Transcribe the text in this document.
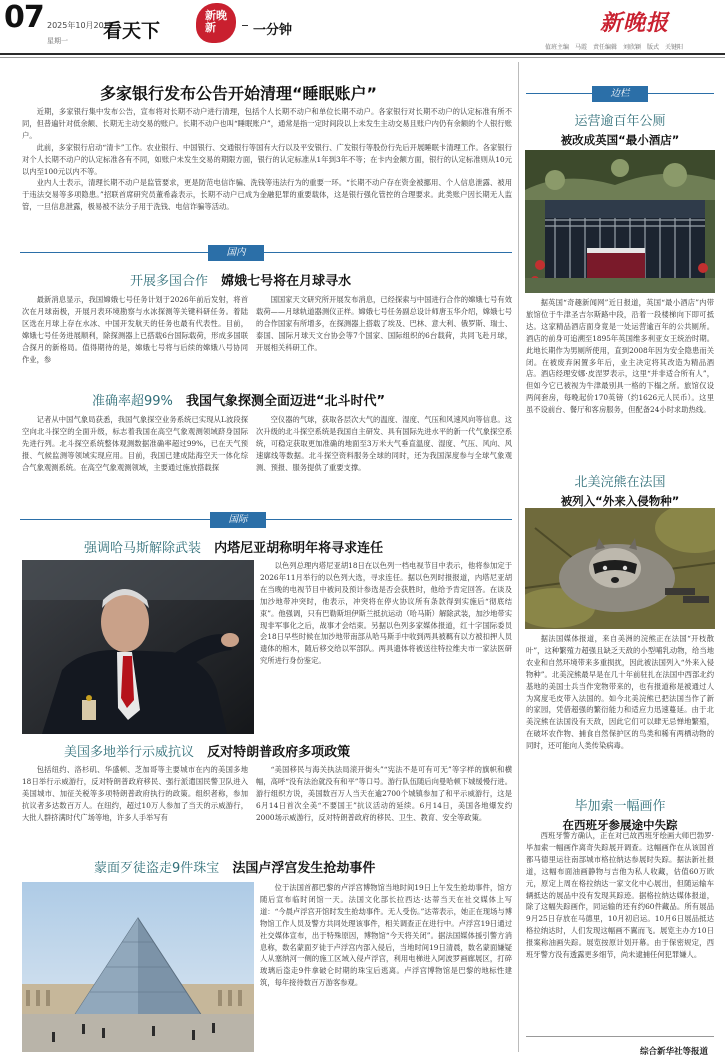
07 2025年10月20日
星期一 看天下
新晚新	一分钟	新晚报
值班主编　马霞　责任编辑　刘欣颖　版式　关键阳
多家银行发布公告开始清理“睡眠账户”

近期，多家银行集中发布公告，宣布将对长期不动户进行清理，包括个人长期不动户和单位长期不动户。各家银行对长期不动户的认定标准有所不同，但普遍针对低余额、长期无主动交易的账户。长期不动户也叫“睡眠账户”，通常是指一定时间段以上未发生主动交易且账户内仍有余额的个人银行账户。

此前，多家银行启动“清卡”工作。农业银行、中国银行、交通银行等国有大行以及平安银行、广发银行等股份行先后开展睡眠卡清理工作。各家银行对个人长期不动户的认定标准各有不同，如账户未发生交易的期限方面，银行的认定标准从1年到3年不等；在卡内金额方面，银行的认定标准则从10元以内至100元以内不等。

业内人士表示，清理长期不动户是监管要求，更是防范电信诈骗、洗钱等违法行为的重要一环。“长期不动户存在资金被挪用、个人信息泄露、被用于违法交易等多项隐患。”招联首席研究员董希淼表示，长期不动户已成为金融犯罪的重要载体，这是银行强化管控的合理要求。此类账户因长期无人监管，一旦信息泄露，极易被不法分子用于洗钱、电信诈骗等活动。

国内
开展多国合作 嫦娥七号将在月球寻水
最新消息显示，我国嫦娥七号任务计划于2026年前后发射，将首次在月球南极，开展月表环境勘察与水冰探测等关键科研任务。着陆区选在月球上存在水冰、中国开发航天的任务也最有代表性。目前，嫦娥七号任务进展顺利，除探测器上已搭载6台国际载荷，形成多国联合探月的新格局。值得期待的是，嫦娥七号将与后续的嫦娥八号协同作业，参
国国家天文研究所开展发布消息，已经探索与中国进行合作的嫦娥七号有效载荷——月球轨道器测仪正样。嫦娥七号任务副总设计师唐玉华介绍，嫦娥七号的合作国家有所增多，在探测器上搭载了埃及、巴林、意大利、俄罗斯、瑞士、泰国、国际月球天文台协会等7个国家、国际组织的6台载荷，共同飞赴月球，开展相关科研工作。
准确率超99% 我国气象探测全面迈进“北斗时代”
记者从中国气象局获悉，我国气象探空业务系统已实现从L波段探空向北斗探空的全面升级，标志着我国在高空气象观测领域跻身国际先进行列。北斗探空系统整体观测数据准确率超过99%，已在天气预报、气候监测等领域实现应用。目前，我国已建成陆海空天一体化综合气象观测系统。在高空气象观测领域，主要通过施放搭载探
空仪器的气球，获取各层次大气的温度、湿度、气压和风速风向等信息。这次升级的北斗探空系统是我国自主研发、具有国际先进水平的新一代气象探空系统，可稳定获取更加准确的地面至3万米大气垂直温度、湿度、气压、风向、风速廓线等数据。北斗探空资料服务全球的同时，还为我国深度参与全球气象观测、预报、服务提供了重要支撑。
国际
强调哈马斯解除武装 内塔尼亚胡称明年将寻求连任
以色列总理内塔尼亚胡18日在以色列一档电视节目中表示，他将参加定于2026年11月举行的以色列大选，寻求连任。据以色列时报报道，内塔尼亚胡在当晚的电视节目中被问及预计参选是否会获胜时，他给予肯定回答。在谈及加沙地带冲突时，他表示，冲突将在停火协议所有条款得到实施后“彻底结束”。他强调，只有巴勒斯坦伊斯兰抵抗运动（哈马斯）解除武装，加沙地带实现非军事化之后，战事才会结束。另据以色列多家媒体报道，红十字国际委员会18日早些时候在加沙地带南部从哈马斯手中收到两具被羁有以方被扣押人员遗体的棺木，随后移交给以军部队。两具遗体将被送往特拉维夫市一家法医研究所进行身份鉴定。
美国多地举行示威抗议 反对特朗普政府多项政策
包括纽约、洛杉矶、华盛顿、芝加哥等主要城市在内的美国多地18日举行示威游行，反对特朗普政府移民、强行派遣国民警卫队进入美国城市、加征关税等多项特朗普政府执行的政策。组织者称，参加抗议者多达数百万人。在纽约，超过10万人参加了当天的示威游行，大批人群挤满时代广场等地，许多人手举写有
“美国移民与海关执法局滚开街头”“宪法不是可有可无”等字样的旗帜和横幅，高呼“没有法治就没有和平”等口号。游行队伍随后向曼哈顿下城缓慢行进。游行组织方说，美国数百万人当天在逾2700个城镇参加了和平示威游行，这是6月14日首次全美“不要国王”抗议活动的延续。6月14日，美国各地爆发约2000场示威游行，反对特朗普政府的移民、卫生、教育、安全等政策。
蒙面歹徒盗走9件珠宝 法国卢浮宫发生抢劫事件
位于法国首都巴黎的卢浮宫博物馆当地时间19日上午发生抢劫事件，馆方随后宣布临时闭馆一天。法国文化部长拉西达·达蒂当天在社交媒体上写道：“今晨卢浮宫开馆时发生抢劫事件。无人受伤。”达蒂表示，她正在现场与博物馆工作人员及警方共同处理该事件，相关调查正在进行中。卢浮宫19日通过社交媒体宣布，出于特殊原因，博物馆“今天将关闭”。据法国媒体援引警方消息称，数名蒙面歹徒于卢浮宫内部入侵后，当地时间19日清晨，数名蒙面嫌疑人从塞纳河一侧的施工区域入侵卢浮宫，利用电梯进入阿波罗画廊展区，打碎玻璃后盗走9件拿破仑时期的珠宝后逃离。卢浮宫博物馆是巴黎的地标性建筑，每年接待数百万游客参观。
边栏
运营逾百年公厕
被改成英国“最小酒店”
据英国“奇趣新闻网”近日报道，英国“最小酒店”内带旅馆位于牛津圣吉尔斯路中段，沿着一段楼梯向下即可抵达。这家精品酒店面身竟是一处运营逾百年的公共厕所。酒店的前身可追溯至1895年英国维多利亚女王统治时期。此地长期作为男厕所使用，直到2008年因为安全隐患而关闭。在被废弃闲置多年后，业主决定将其改造为精品酒店。酒店经理安娜·皮涅罗表示，这里“并非适合所有人”，但如今它已被视为牛津最别具一格的下榻之所。旅馆仅设两间套房，每晚起价170英镑（约1626元人民币）。这里虽不设前台、餐厅和客房服务，但配备24小时求助热线。
北美浣熊在法国
被列入“外来入侵物种”
据法国媒体报道，来自美洲的浣熊正在法国“开枝散叶”，这种繁殖力超强且缺乏天敌的小型哺乳动物，给当地农业和自然环境带来多重损扰，因此被法国列入“外来入侵物种”。北美浣熊最早是在几十年前驻扎在法国中西部北约基地的美国士兵当作宠物带来的，也有报道称是被通过人为窝度毛皮带入法国的。如今北美浣熊已把法国当作了新的家园，凭借超强的繁衍能力和适应力迅速蔓延。由于北美浣熊在法国没有天敌，因此它们可以肆无忌惮地繁殖，在破坏农作物、捕食自然保护区的鸟类和稀有两栖动物的同时，还可能向人类传染病毒。
毕加索一幅画作
在西班牙参展途中失踪
西班牙警方确认，正在对已故西班牙绘画大师巴勃罗·毕加索一幅画作离奇失踪展开调查。这幅画作在从该国首都马德里运往南部城市格拉纳达参展时失踪。据法新社报道，这幅布面油画静物与吉他为私人收藏，估值60万欧元，原定上周在格拉纳达一家文化中心展出，但随运输车辆抵达的展品中没有发现其踪迹。据格拉纳达媒体报道，除了这幅失踪画作，同运输的还有约60件藏品。所有展品9月25日存放在马德里，10月初启运。10月6日展品抵达格拉纳达时，人们发现这幅画不翼而飞。展览主办方10日报案称油画失踪。展览按原计划开幕。由于保密规定，西班牙警方没有透露更多细节，尚未逮捕任何犯罪嫌人。
综合新华社等报道
